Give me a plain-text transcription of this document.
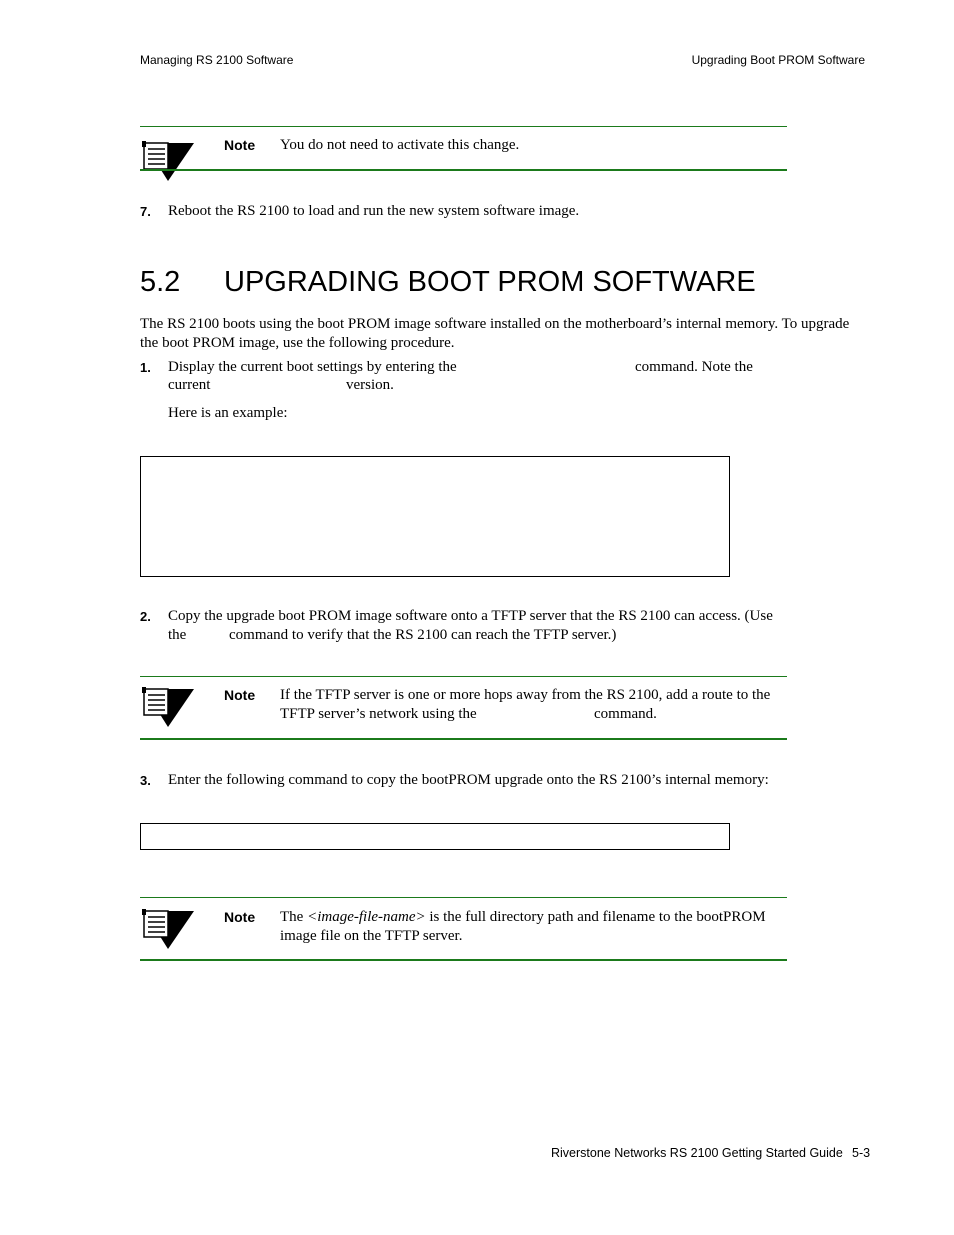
Managing RS 2100 Software	Upgrading Boot PROM Software
Note You do not need to activate this change.
7. Reboot the RS 2100 to load and run the new system software image.
5.2 UPGRADING BOOT PROM SOFTWARE
The RS 2100 boots using the boot PROM image software installed on the motherboard’s internal memory. To upgrade
the boot PROM image, use the following procedure.
1. Display the current boot settings by entering the	command. Note the
current	version.
Here is an example:
2. Copy the upgrade boot PROM image software onto a TFTP server that the RS 2100 can access. (Use
the	command to verify that the RS 2100 can reach the TFTP server.)
Note If the TFTP server is one or more hops away from the RS 2100, add a route to the
TFTP server’s network using the	command.
3. Enter the following command to copy the bootPROM upgrade onto the RS 2100’s internal memory:
Note The <image-file-name> is the full directory path and filename to the bootPROM
image file on the TFTP server.
Riverstone Networks RS 2100 Getting Started Guide 5-3
